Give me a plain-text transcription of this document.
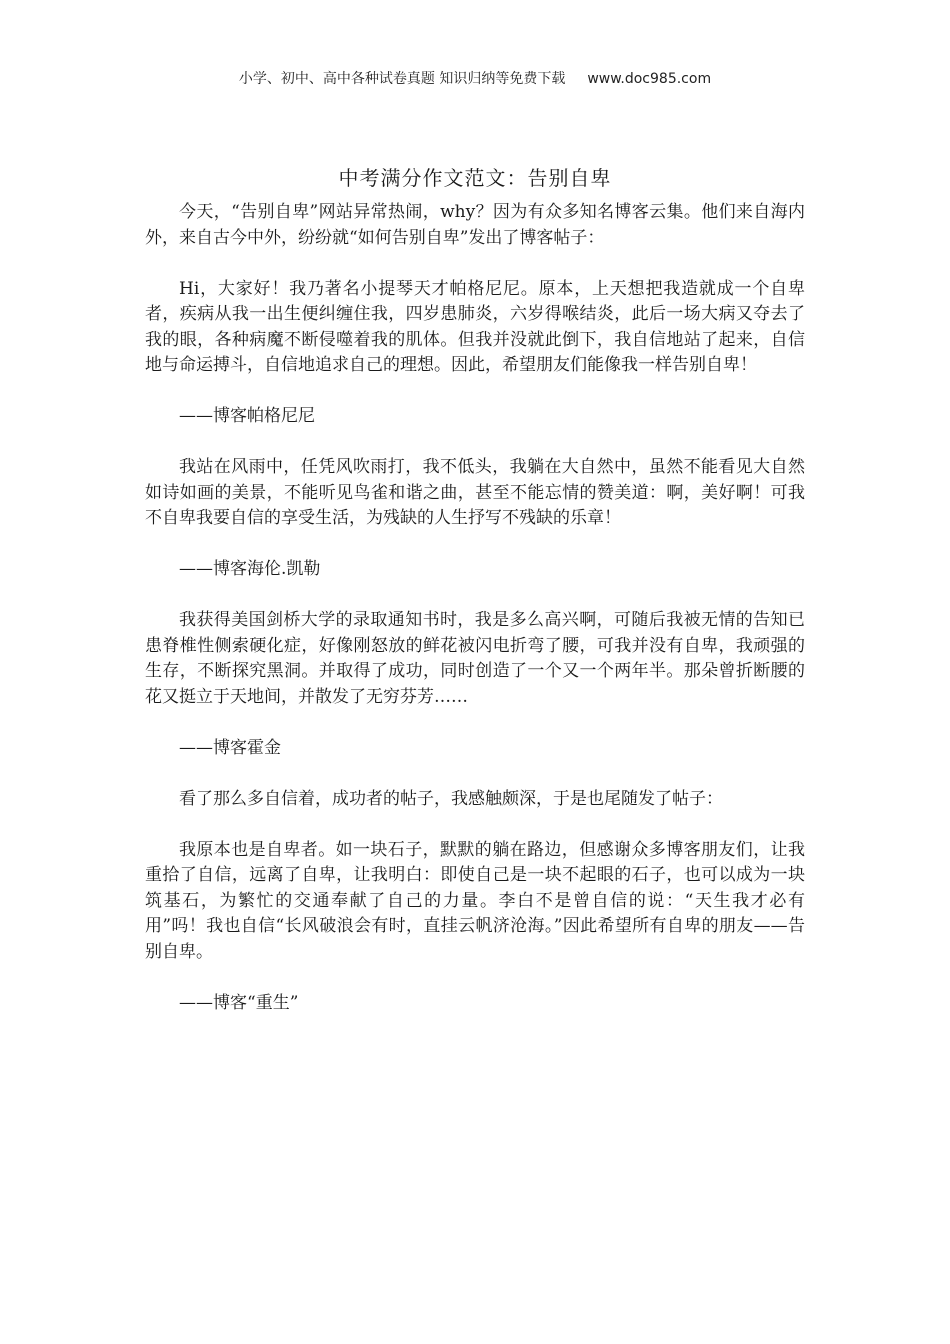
小学、初中、高中各种试卷真题 知识归纳等免费下载 www.doc985.com
中考满分作文范文：告别自卑

今天，“告别自卑”网站异常热闹，why？因为有众多知名博客云集。他们来自海内外，来自古今中外，纷纷就“如何告别自卑”发出了博客帖子：

Hi，大家好！我乃著名小提琴天才帕格尼尼。原本，上天想把我造就成一个自卑者，疾病从我一出生便纠缠住我，四岁患肺炎，六岁得喉结炎，此后一场大病又夺去了我的眼，各种病魔不断侵噬着我的肌体。但我并没就此倒下，我自信地站了起来，自信地与命运搏斗，自信地追求自己的理想。因此，希望朋友们能像我一样告别自卑！

——博客帕格尼尼

我站在风雨中，任凭风吹雨打，我不低头，我躺在大自然中，虽然不能看见大自然如诗如画的美景，不能听见鸟雀和谐之曲，甚至不能忘情的赞美道：啊，美好啊！可我不自卑我要自信的享受生活，为残缺的人生抒写不残缺的乐章！

——博客海伦.凯勒

我获得美国剑桥大学的录取通知书时，我是多么高兴啊，可随后我被无情的告知已患脊椎性侧索硬化症，好像刚怒放的鲜花被闪电折弯了腰，可我并没有自卑，我顽强的生存，不断探究黑洞。并取得了成功，同时创造了一个又一个两年半。那朵曾折断腰的花又挺立于天地间，并散发了无穷芬芳……

——博客霍金

看了那么多自信着，成功者的帖子，我感触颇深，于是也尾随发了帖子：

我原本也是自卑者。如一块石子，默默的躺在路边，但感谢众多博客朋友们，让我重拾了自信，远离了自卑，让我明白：即使自己是一块不起眼的石子，也可以成为一块筑基石，为繁忙的交通奉献了自己的力量。李白不是曾自信的说：“天生我才必有用”吗！我也自信“长风破浪会有时，直挂云帆济沧海。”因此希望所有自卑的朋友——告别自卑。

——博客“重生”
